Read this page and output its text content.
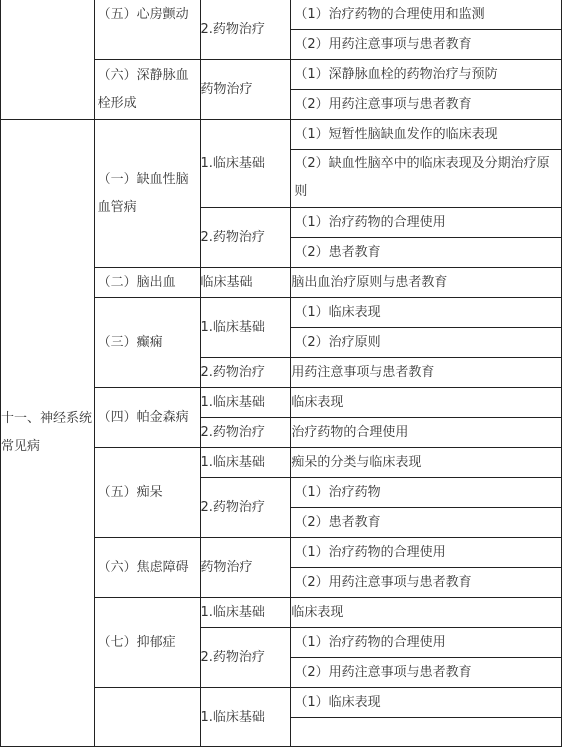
	（五）心房颤动	2.药物治疗	（1）治疗药物的合理使用和监测
			（2）用药注意事项与患者教育
	（六）深静脉血栓形成	药物治疗	（1）深静脉血栓的药物治疗与预防
			（2）用药注意事项与患者教育
十一、神经系统常见病	（一）缺血性脑血管病	1.临床基础	（1）短暂性脑缺血发作的临床表现
			（2）缺血性脑卒中的临床表现及分期治疗原则

		2.药物治疗	（1）治疗药物的合理使用
			（2）患者教育
	（二）脑出血	临床基础	脑出血治疗原则与患者教育
	（三）癫痫	1.临床基础	（1）临床表现
			（2）治疗原则
		2.药物治疗	用药注意事项与患者教育
	（四）帕金森病	1.临床基础	临床表现
		2.药物治疗	治疗药物的合理使用
	（五）痴呆	1.临床基础	痴呆的分类与临床表现
		2.药物治疗	（1）治疗药物
			（2）患者教育
	（六）焦虑障碍	药物治疗	（1）治疗药物的合理使用
			（2）用药注意事项与患者教育
	（七）抑郁症	1.临床基础	临床表现
		2.药物治疗	（1）治疗药物的合理使用
			（2）用药注意事项与患者教育
		1.临床基础	（1）临床表现
